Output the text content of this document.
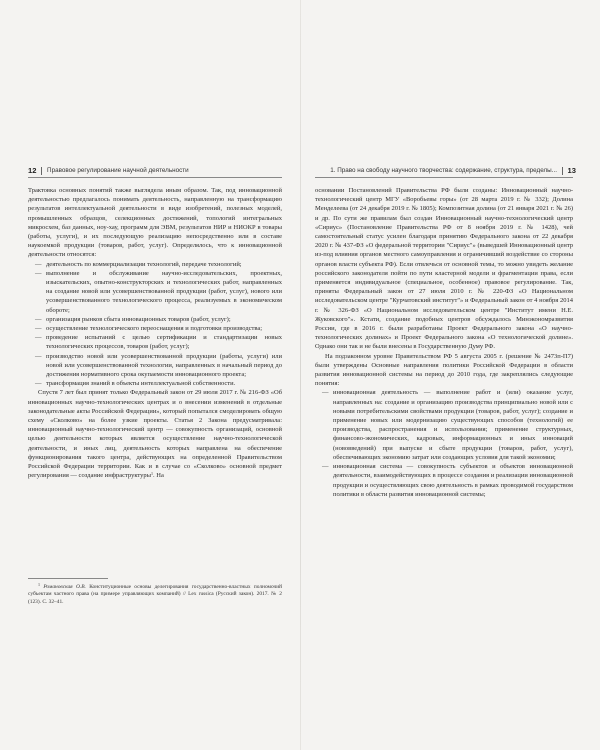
12 Правовое регулирование научной деятельности

Трактовка основных понятий также выглядела иным образом. Так, под инновационной деятельностью предлагалось понимать деятельность, направленную на трансформацию результатов интеллектуальной деятельности в виде изобретений, полезных моделей, промышленных образцов, селекционных достижений, топологий интегральных микросхем, баз данных, ноу-хау, программ для ЭВМ, результатов НИР и НИОКР в товары (работы, услуги), и их последующую реализацию непосредственно или в составе наукоемкой продукции (товаров, работ, услуг). Определялось, что к инновационной деятельности относятся:

— деятельность по коммерциализации технологий, передаче технологий;
— выполнение и обслуживание научно-исследовательских, проектных, изыскательских, опытно-конструкторских и технологических работ, направленных на создание новой или усовершенствованной продукции (работ, услуг), нового или усовершенствованного технологического процесса, реализуемых в экономическом обороте;
— организация рынков сбыта инновационных товаров (работ, услуг);
— осуществление технологического переоснащения и подготовки производства;
— проведение испытаний с целью сертификации и стандартизации новых технологических процессов, товаров (работ, услуг);
— производство новой или усовершенствованной продукции (работы, услуги) или новой или усовершенствованной технологии, направленных в начальный период до достижения нормативного срока окупаемости инновационного проекта;
— трансформация знаний в объекты интеллектуальной собственности.

Спустя 7 лет был принят только Федеральный закон от 29 июля 2017 г. № 216-ФЗ «Об инновационных научно-технологических центрах и о внесении изменений в отдельные законодательные акты Российской Федерации», который попытался смоделировать общую схему «Сколково» на более узкие проекты. Статья 2 Закона предусматривала: инновационный научно-технологический центр — совокупность организаций, основной целью деятельности которых является осуществление научно-технологической деятельности, и иных лиц, деятельность которых направлена на обеспечение функционирования такого центра, действующих на определенной Правительством Российской Федерации территории. Как и в случае со «Сколково» основной предмет регулирования — создание инфраструктуры$^1$. На

$^1$ Романовская О.В. Конституционные основы делегирования государственно-властных полномочий субъектам частного права (на примере управляющих компаний) // Lex russica (Русский закон). 2017. № 2 (123). С. 32–41.
1. Право на свободу научного творчества: содержание, структура, пределы... 13

основании Постановлений Правительства РФ были созданы: Инновационный научно-технологический центр МГУ «Воробьевы горы» (от 28 марта 2019 г. № 332); Долина Менделеева (от 24 декабря 2019 г. № 1805); Композитная долина (от 21 января 2021 г. № 26) и др. По сути же правилам был создан Инновационный научно-технологический центр «Сириус» (Постановление Правительства РФ от 8 ноября 2019 г. № 1428), чей самостоятельный статус усилен благодаря принятию Федерального закона от 22 декабря 2020 г. № 437-ФЗ «О федеральной территории "Сириус"» (выведшей Инновационный центр из-под влияния органов местного самоуправления и ограничивший воздействие со стороны органов власти субъекта РФ). Если отвлечься от основной темы, то можно увидеть желание российского законодателя пойти по пути кластерной модели и фрагментации права, если применяется индивидуальное (специальное, особенное) правовое регулирование. Так, приняты Федеральный закон от 27 июля 2010 г. № 220-ФЗ «О Национальном исследовательском центре "Курчатовский институт"» и Федеральный закон от 4 ноября 2014 г. № 326-ФЗ «О Национальном исследовательском центре "Институт имени Н.Е. Жуковского"». Кстати, создание подобных центров обсуждалось Минэкономразвития России, где в 2016 г. были разработаны Проект Федерального закона «О научно-технологических долинах» и Проект Федерального закона «О технологической долине». Однако они так и не были внесены в Государственную Думу РФ.

На подзаконном уровне Правительством РФ 5 августа 2005 г. (решение № 2473п-П7) были утверждены Основные направления политики Российской Федерации в области развития инновационной системы на период до 2010 года, где закреплялись следующие понятия:

— инновационная деятельность — выполнение работ и (или) оказание услуг, направленных на: создание и организацию производства принципиально новой или с новыми потребительскими свойствами продукции (товаров, работ, услуг); создание и применение новых или модернизацию существующих способов (технологий) ее производства, распространения и использования; применение структурных, финансово-экономических, кадровых, информационных и иных инноваций (нововведений) при выпуске и сбыте продукции (товаров, работ, услуг), обеспечивающих экономию затрат или создающих условия для такой экономии;
— инновационная система — совокупность субъектов и объектов инновационной деятельности, взаимодействующих в процессе создания и реализации инновационной продукции и осуществляющих свою деятельность в рамках проводимой государством политики в области развития инновационной системы;
